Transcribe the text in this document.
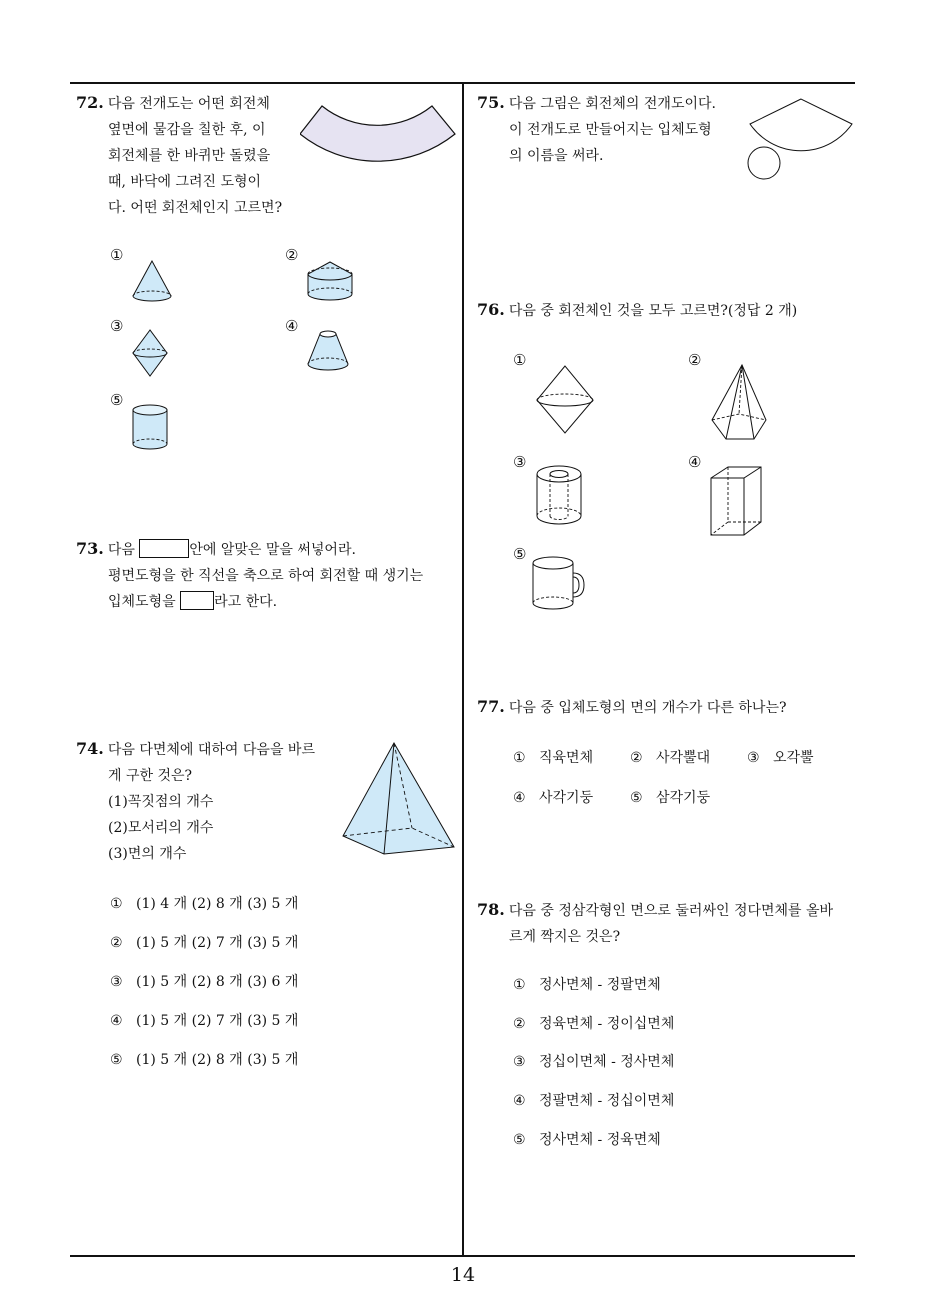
72. 다음 전개도는 어떤 회전체
옆면에 물감을 칠한 후, 이
회전체를 한 바퀴만 돌렸을
때, 바닥에 그려진 도형이
다. 어떤 회전체인지 고르면?
①	②
③	④
⑤
73. 다음	안에 알맞은 말을 써넣어라.
평면도형을 한 직선을 축으로 하여 회전할 때 생기는
입체도형을	라고 한다.
74. 다음 다면체에 대하여 다음을 바르
게 구한 것은?
(1)꼭짓점의 개수
(2)모서리의 개수
(3)면의 개수
① (1) 4 개 (2) 8 개 (3) 5 개
② (1) 5 개 (2) 7 개 (3) 5 개
③ (1) 5 개 (2) 8 개 (3) 6 개
④ (1) 5 개 (2) 7 개 (3) 5 개
⑤ (1) 5 개 (2) 8 개 (3) 5 개
75. 다음 그림은 회전체의 전개도이다.
이 전개도로 만들어지는 입체도형
의 이름을 써라.
76. 다음 중 회전체인 것을 모두 고르면?(정답 2 개)
①	②
③	④
⑤
77. 다음 중 입체도형의 면의 개수가 다른 하나는?
① 직육면체	② 사각뿔대	③ 오각뿔
④ 사각기둥	⑤ 삼각기둥
78. 다음 중 정삼각형인 면으로 둘러싸인 정다면체를 올바
르게 짝지은 것은?
① 정사면체 - 정팔면체
② 정육면체 - 정이십면체
③ 정십이면체 - 정사면체
④ 정팔면체 - 정십이면체
⑤ 정사면체 - 정육면체
14
